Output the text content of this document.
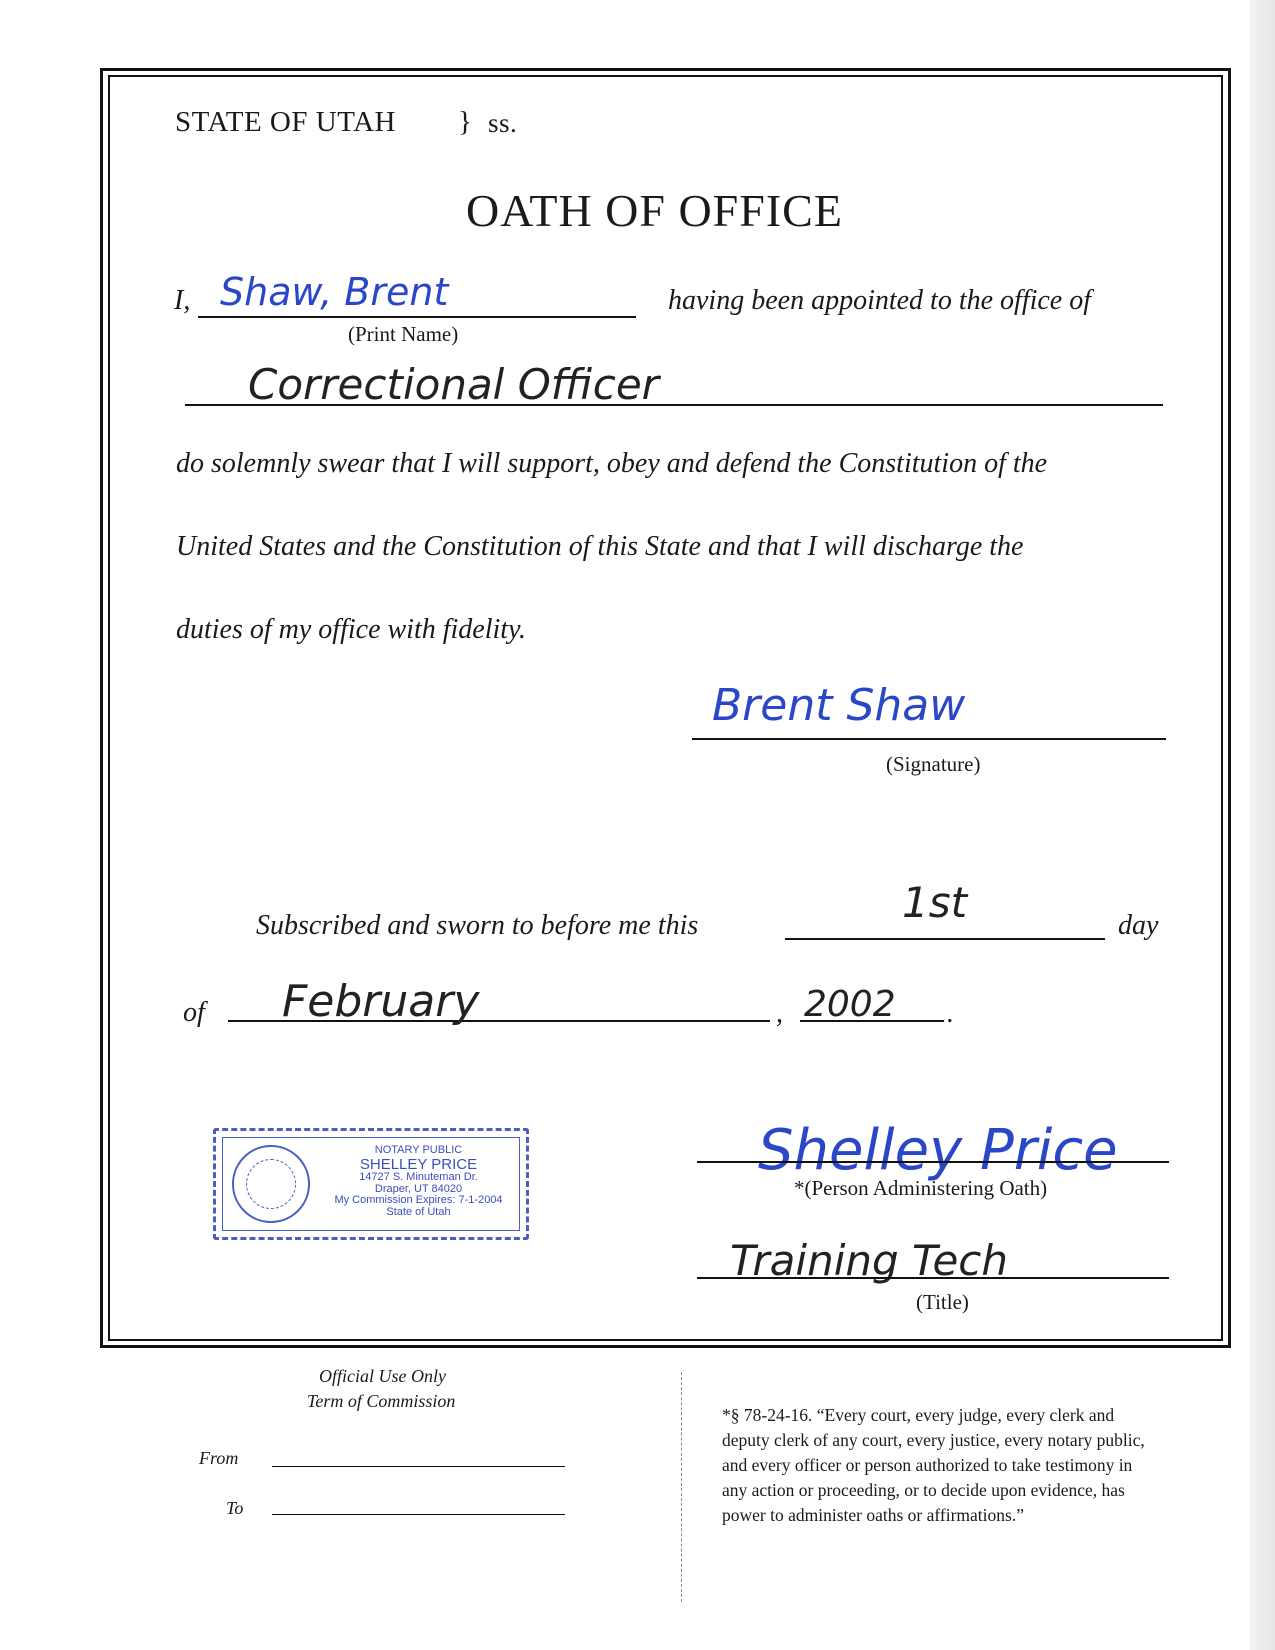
STATE OF UTAH } ss.
OATH OF OFFICE
I, Shaw, Brent
(Print Name)
having been appointed to the office of
Correctional Officer
do solemnly swear that I will support, obey and defend the Constitution of the
United States and the Constitution of this State and that I will discharge the
duties of my office with fidelity.
Brent Shaw
(Signature)
Subscribed and sworn to before me this	1st	day
of February	, 2002 .
NOTARY PUBLIC
SHELLEY PRICE
14727 S. Minuteman Dr.
Draper, UT 84020
My Commission Expires: 7-1-2004
State of Utah
Shelley Price
*(Person Administering Oath)
Training Tech
(Title)
Official Use Only
Term of Commission
From
To
*§ 78-24-16. “Every court, every judge, every clerk and
deputy clerk of any court, every justice, every notary public,
and every officer or person authorized to take testimony in
any action or proceeding, or to decide upon evidence, has
power to administer oaths or affirmations.”
